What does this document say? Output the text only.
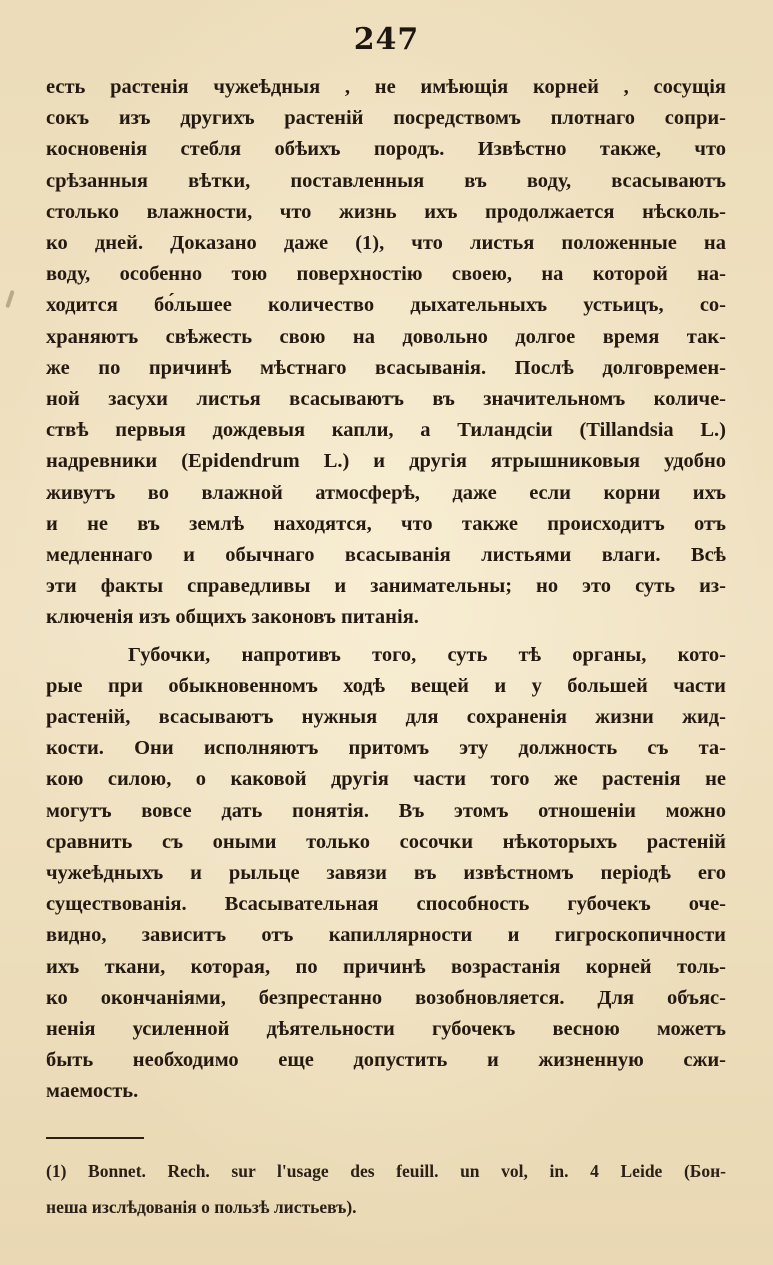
247
есть растенія чужеѣдныя , не имѣющія корней , сосущія
сокъ изъ другихъ растеній посредствомъ плотнаго сопри-
косновенія стебля обѣихъ породъ. Извѣстно также, что
срѣзанныя вѣтки, поставленныя въ воду, всасываютъ
столько влажности, что жизнь ихъ продолжается нѣсколь-
ко дней. Доказано даже (1), что листья положенные на
воду, особенно тою поверхностію своею, на которой на-
ходится бо́льшее количество дыхательныхъ устьицъ, со-
храняютъ свѣжесть свою на довольно долгое время так-
же по причинѣ мѣстнаго всасыванія. Послѣ долговремен-
ной засухи листья всасываютъ въ значительномъ количе-
ствѣ первыя дождевыя капли, а Тиландсіи (Tillandsia L.)
надревники (Epidendrum L.) и другія ятрышниковыя удобно
живутъ во влажной атмосферѣ, даже если корни ихъ
и не въ землѣ находятся, что также происходитъ отъ
медленнаго и обычнаго всасыванія листьями влаги. Всѣ
эти факты справедливы и занимательны; но это суть из-
ключенія изъ общихъ законовъ питанія.
Губочки, напротивъ того, суть тѣ органы, кото-
рые при обыкновенномъ ходѣ вещей и у большей части
растеній, всасываютъ нужныя для сохраненія жизни жид-
кости. Они исполняютъ притомъ эту должность съ та-
кою силою, о каковой другія части того же растенія не
могутъ вовсе дать понятія. Въ этомъ отношеніи можно
сравнить съ оными только сосочки нѣкоторыхъ растеній
чужеѣдныхъ и рыльце завязи въ извѣстномъ періодѣ его
существованія. Всасывательная способность губочекъ оче-
видно, зависитъ отъ капиллярности и гигроскопичности
ихъ ткани, которая, по причинѣ возрастанія корней толь-
ко окончаніями, безпрестанно возобновляется. Для объяс-
ненія усиленной дѣятельности губочекъ весною можетъ
быть необходимо еще допустить и жизненную сжи-
маемость.
(1) Bonnet. Rech. sur l'usage des feuill. un vol, in. 4 Leide (Бон-
неша изслѣдованія о пользѣ листьевъ).
